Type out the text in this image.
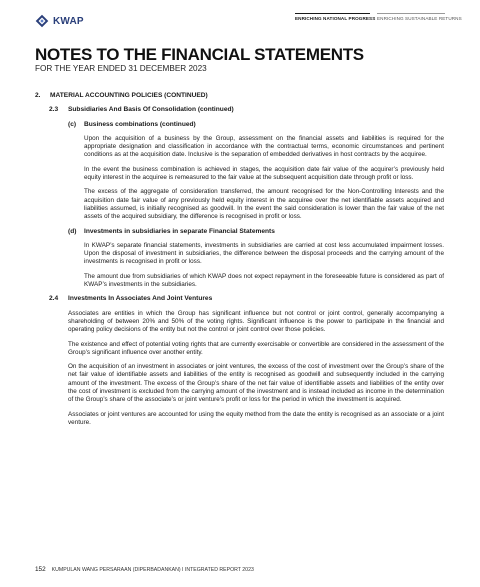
KWAP	ENRICHING NATIONAL PROGRESS ENRICHING SUSTAINABLE RETURNS
NOTES TO THE FINANCIAL STATEMENTS
FOR THE YEAR ENDED 31 DECEMBER 2023
2. MATERIAL ACCOUNTING POLICIES (CONTINUED)
2.3 Subsidiaries And Basis Of Consolidation (continued)
(c) Business combinations (continued)

Upon the acquisition of a business by the Group, assessment on the financial assets and liabilities is required for the appropriate designation and classification in accordance with the contractual terms, economic circumstances and pertinent conditions as at the acquisition date. Inclusive is the separation of embedded derivatives in host contracts by the acquiree.

In the event the business combination is achieved in stages, the acquisition date fair value of the acquirer’s previously held equity interest in the acquiree is remeasured to the fair value at the subsequent acquisition date through profit or loss.

The excess of the aggregate of consideration transferred, the amount recognised for the Non-Controlling Interests and the acquisition date fair value of any previously held equity interest in the acquiree over the net identifiable assets acquired and liabilities assumed, is initially recognised as goodwill. In the event the said consideration is lower than the fair value of the net assets of the acquired subsidiary, the difference is recognised in profit or loss.

(d) Investments in subsidiaries in separate Financial Statements

In KWAP’s separate financial statements, investments in subsidiaries are carried at cost less accumulated impairment losses. Upon the disposal of investment in subsidiaries, the difference between the disposal proceeds and the carrying amount of the investments is recognised in profit or loss.

The amount due from subsidiaries of which KWAP does not expect repayment in the foreseeable future is considered as part of KWAP’s investments in the subsidiaries.

2.4 Investments In Associates And Joint Ventures

Associates are entities in which the Group has significant influence but not control or joint control, generally accompanying a shareholding of between 20% and 50% of the voting rights. Significant influence is the power to participate in the financial and operating policy decisions of the entity but not the control or joint control over those policies.

The existence and effect of potential voting rights that are currently exercisable or convertible are considered in the assessment of the Group’s significant influence over another entity.

On the acquisition of an investment in associates or joint ventures, the excess of the cost of investment over the Group’s share of the net fair value of identifiable assets and liabilities of the entity is recognised as goodwill and subsequently included in the carrying amount of the investment. The excess of the Group’s share of the net fair value of identifiable assets and liabilities of the entity over the cost of investment is excluded from the carrying amount of the investment and is instead included as income in the determination of the Group’s share of the associate’s or joint venture’s profit or loss for the period in which the investment is acquired.

Associates or joint ventures are accounted for using the equity method from the date the entity is recognised as an associate or a joint venture.

152 KUMPULAN WANG PERSARAAN (DIPERBADANKAN) I INTEGRATED REPORT 2023
